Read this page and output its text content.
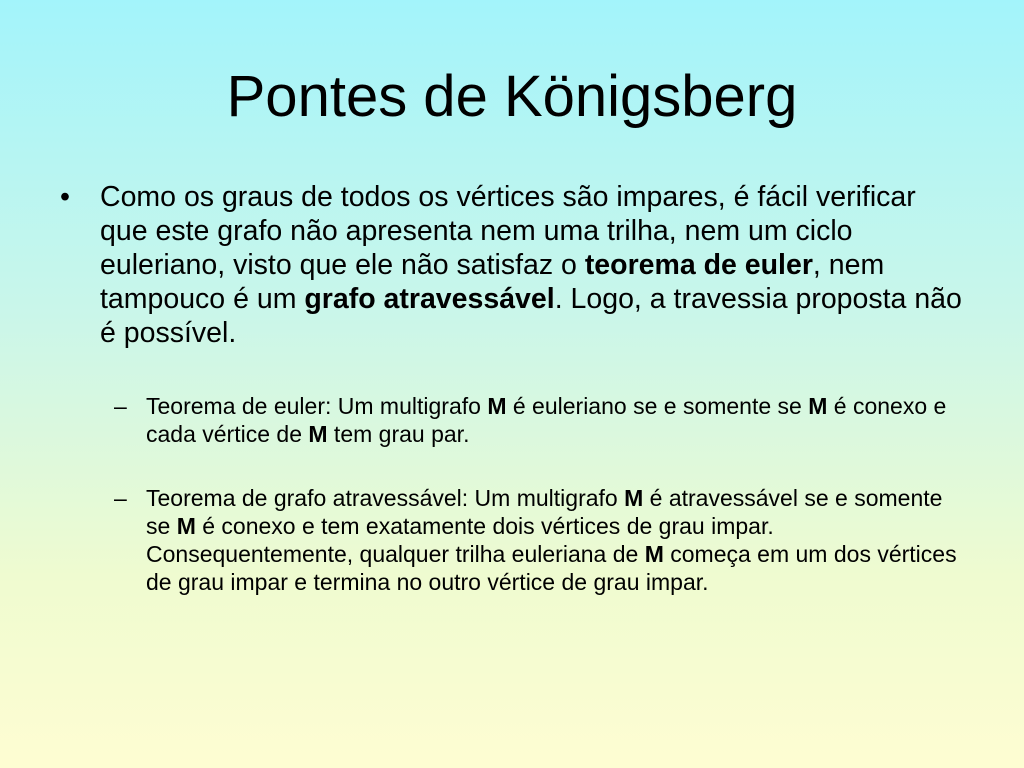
Pontes de Königsberg
• Como os graus de todos os vértices são impares, é fácil verificar que este grafo não apresenta nem uma trilha, nem um ciclo euleriano, visto que ele não satisfaz o teorema de euler, nem tampouco é um grafo atravessável. Logo, a travessia proposta não é possível.
– Teorema de euler: Um multigrafo M é euleriano se e somente se M é conexo e cada vértice de M tem grau par.
– Teorema de grafo atravessável: Um multigrafo M é atravessável se e somente se M é conexo e tem exatamente dois vértices de grau impar. Consequentemente, qualquer trilha euleriana de M começa em um dos vértices de grau impar e termina no outro vértice de grau impar.
